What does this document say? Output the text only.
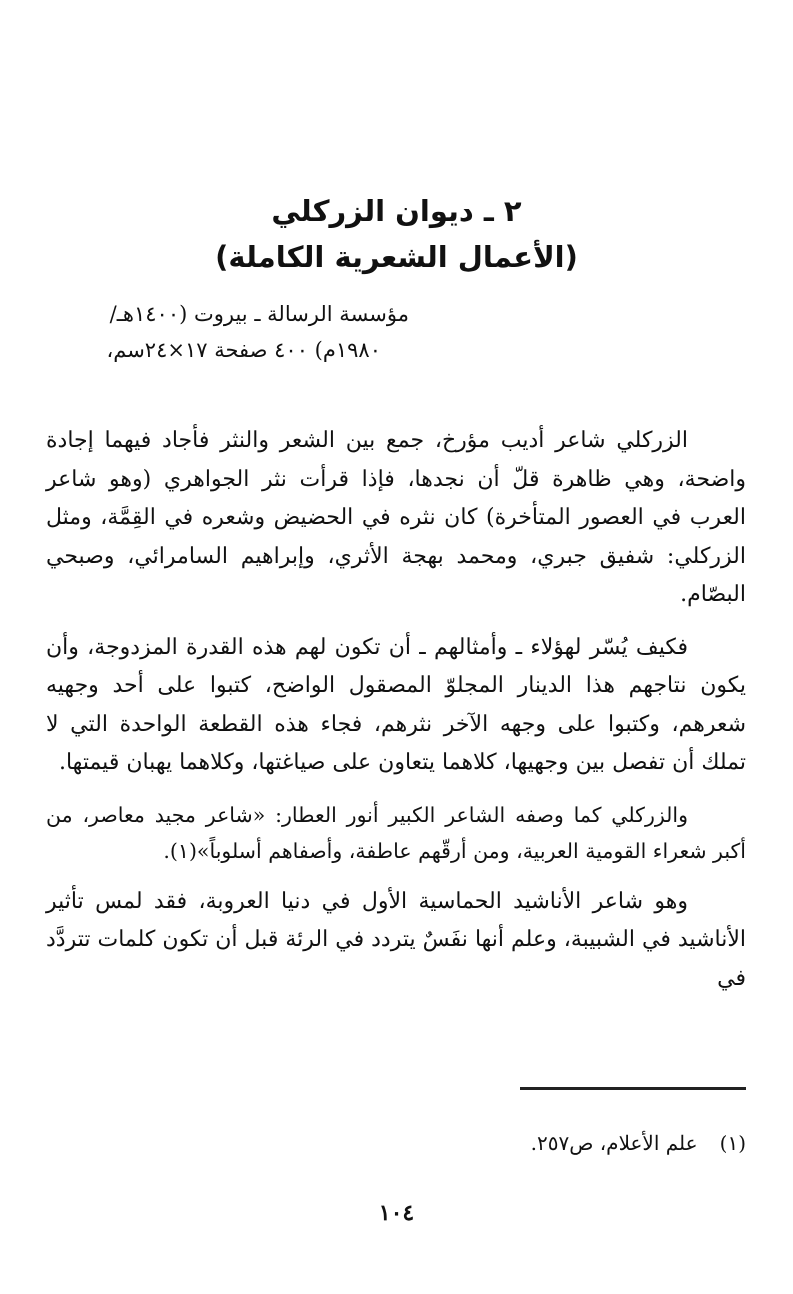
٢ ـ ديوان الزركلي

(الأعمال الشعرية الكاملة)

مؤسسة الرسالة ـ بيروت (١٤٠٠هـ/
١٩٨٠م) ٤٠٠ صفحة ١٧×٢٤سم،

الزركلي شاعر أديب مؤرخ، جمع بين الشعر والنثر فأجاد فيهما إجادة واضحة، وهي ظاهرة قلّ أن نجدها، فإذا قرأت نثر الجواهري (وهو شاعر العرب في العصور المتأخرة) كان نثره في الحضيض وشعره في القِمَّة، ومثل الزركلي: شفيق جبري، ومحمد بهجة الأثري، وإبراهيم السامرائي، وصبحي البصّام.

فكيف يُسّر لهؤلاء ـ وأمثالهم ـ أن تكون لهم هذه القدرة المزدوجة، وأن يكون نتاجهم هذا الدينار المجلوّ المصقول الواضح، كتبوا على أحد وجهيه شعرهم، وكتبوا على وجهه الآخر نثرهم، فجاء هذه القطعة الواحدة التي لا تملك أن تفصل بين وجهيها، كلاهما يتعاون على صياغتها، وكلاهما يهبان قيمتها.

والزركلي كما وصفه الشاعر الكبير أنور العطار: «شاعر مجيد معاصر، من أكبر شعراء القومية العربية، ومن أرقّهم عاطفة، وأصفاهم أسلوباً»(١).

وهو شاعر الأناشيد الحماسية الأول في دنيا العروبة، فقد لمس تأثير الأناشيد في الشبيبة، وعلم أنها نفَسٌ يتردد في الرئة قبل أن تكون كلمات تتردَّد في

(١)علم الأعلام، ص٢٥٧.
١٠٤
